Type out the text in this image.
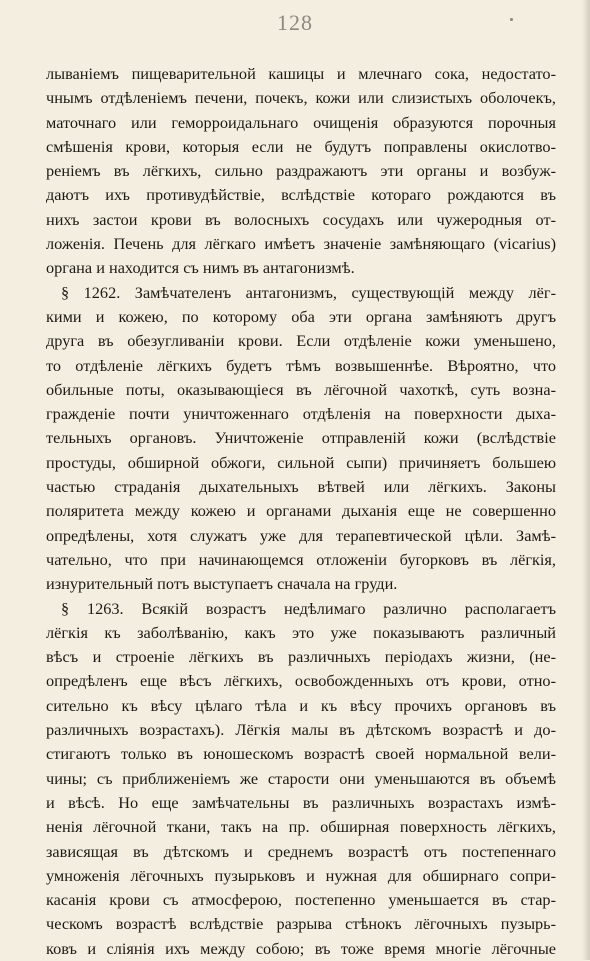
128
лыванiемъ пищеварительной кашицы и млечнаго сока, недостато-
чнымъ отдѣленiемъ печени, почекъ, кожи или слизистыхъ оболочекъ,
маточнаго или геморроидальнаго очищенiя образуются порочныя
смѣшенiя крови, которыя если не будутъ поправлены окислотво-
ренiемъ въ лёгкихъ, сильно раздражаютъ эти органы и возбуж-
даютъ ихъ противудѣйствiе, вслѣдствiе котораго рождаются въ
нихъ застои крови въ волосныхъ сосудахъ или чужеродныя от-
ложенiя. Печень для лёгкаго имѣетъ значенiе замѣняющаго (vicarius)
органа и находится съ нимъ въ антагонизмѣ.
§ 1262. Замѣчателенъ антагонизмъ, существующiй между лёг-
кими и кожею, по которому оба эти органа замѣняютъ другъ
друга въ обезугливанiи крови. Если отдѣленiе кожи уменьшено,
то отдѣленiе лёгкихъ будетъ тѣмъ возвышеннѣе. Вѣроятно, что
обильные поты, оказывающiеся въ лёгочной чахоткѣ, суть возна-
гражденiе почти уничтоженнаго отдѣленiя на поверхности дыха-
тельныхъ органовъ. Уничтоженiе отправленiй кожи (вслѣдствiе
простуды, обширной обжоги, сильной сыпи) причиняетъ большею
частью страданiя дыхательныхъ вѣтвей или лёгкихъ. Законы
поляритета между кожею и органами дыханiя еще не совершенно
опредѣлены, хотя служатъ уже для терапевтической цѣли. Замѣ-
чательно, что при начинающемся отложенiи бугорковъ въ лёгкiя,
изнурительный потъ выступаетъ сначала на груди.
§ 1263. Всякiй возрастъ недѣлимаго различно располагаетъ
лёгкiя къ заболѣванiю, какъ это уже показываютъ различный
вѣсъ и строенiе лёгкихъ въ различныхъ перiодахъ жизни, (не-
опредѣленъ еще вѣсъ лёгкихъ, освобожденныхъ отъ крови, отно-
сительно къ вѣсу цѣлаго тѣла и къ вѣсу прочихъ органовъ въ
различныхъ возрастахъ). Лёгкiя малы въ дѣтскомъ возрастѣ и до-
стигаютъ только въ юношескомъ возрастѣ своей нормальной вели-
чины; съ приближенiемъ же старости они уменьшаются въ объемѣ
и вѣсѣ. Но еще замѣчательны въ различныхъ возрастахъ измѣ-
ненiя лёгочной ткани, такъ на пр. обширная поверхность лёгкихъ,
зависящая въ дѣтскомъ и среднемъ возрастѣ отъ постепеннаго
умноженiя лёгочныхъ пузырьковъ и нужная для обширнаго сопри-
касанiя крови съ атмосферою, постепенно уменьшается въ стар-
ческомъ возрастѣ вслѣдствiе разрыва стѣнокъ лёгочныхъ пузырь-
ковъ и слiянiя ихъ между собою; въ тоже время многiе лёгочные
